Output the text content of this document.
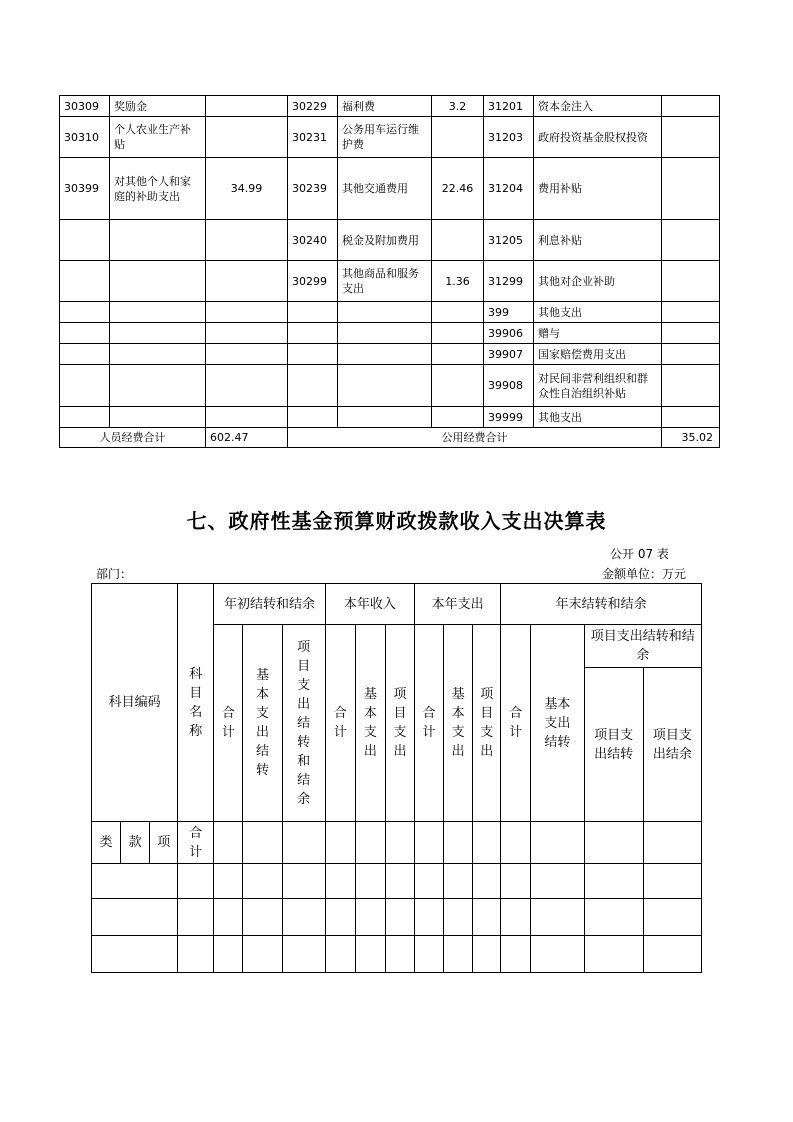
30309	奖励金		30229	福利费	3.2	31201	资本金注入	
30310	个人农业生产补贴		30231	公务用车运行维护费		31203	政府投资基金股权投资	
30399	对其他个人和家庭的补助支出	34.99	30239	其他交通费用	22.46	31204	费用补贴	
			30240	税金及附加费用		31205	利息补贴	
			30299	其他商品和服务支出	1.36	31299	其他对企业补助	
						399	其他支出	
						39906	赠与	
						39907	国家赔偿费用支出	
						39908	对民间非营利组织和群众性自治组织补贴	
						39999	其他支出	
人员经费合计		602.47	公用经费合计					35.02
七、政府性基金预算财政拨款收入支出决算表
公开 07 表
部门：	金额单位：万元
科目编码			科目名称	年初结转和结余			本年收入			本年支出			年末结转和结余			
				合计	基本支出结转	项目支出结转和结余	合计	基本支出	项目支出	合计	基本支出	项目支出	合计	基本支出结转	项目支出结转和结余	
															项目支出结转	项目支出结余

类	款	项	合计													
